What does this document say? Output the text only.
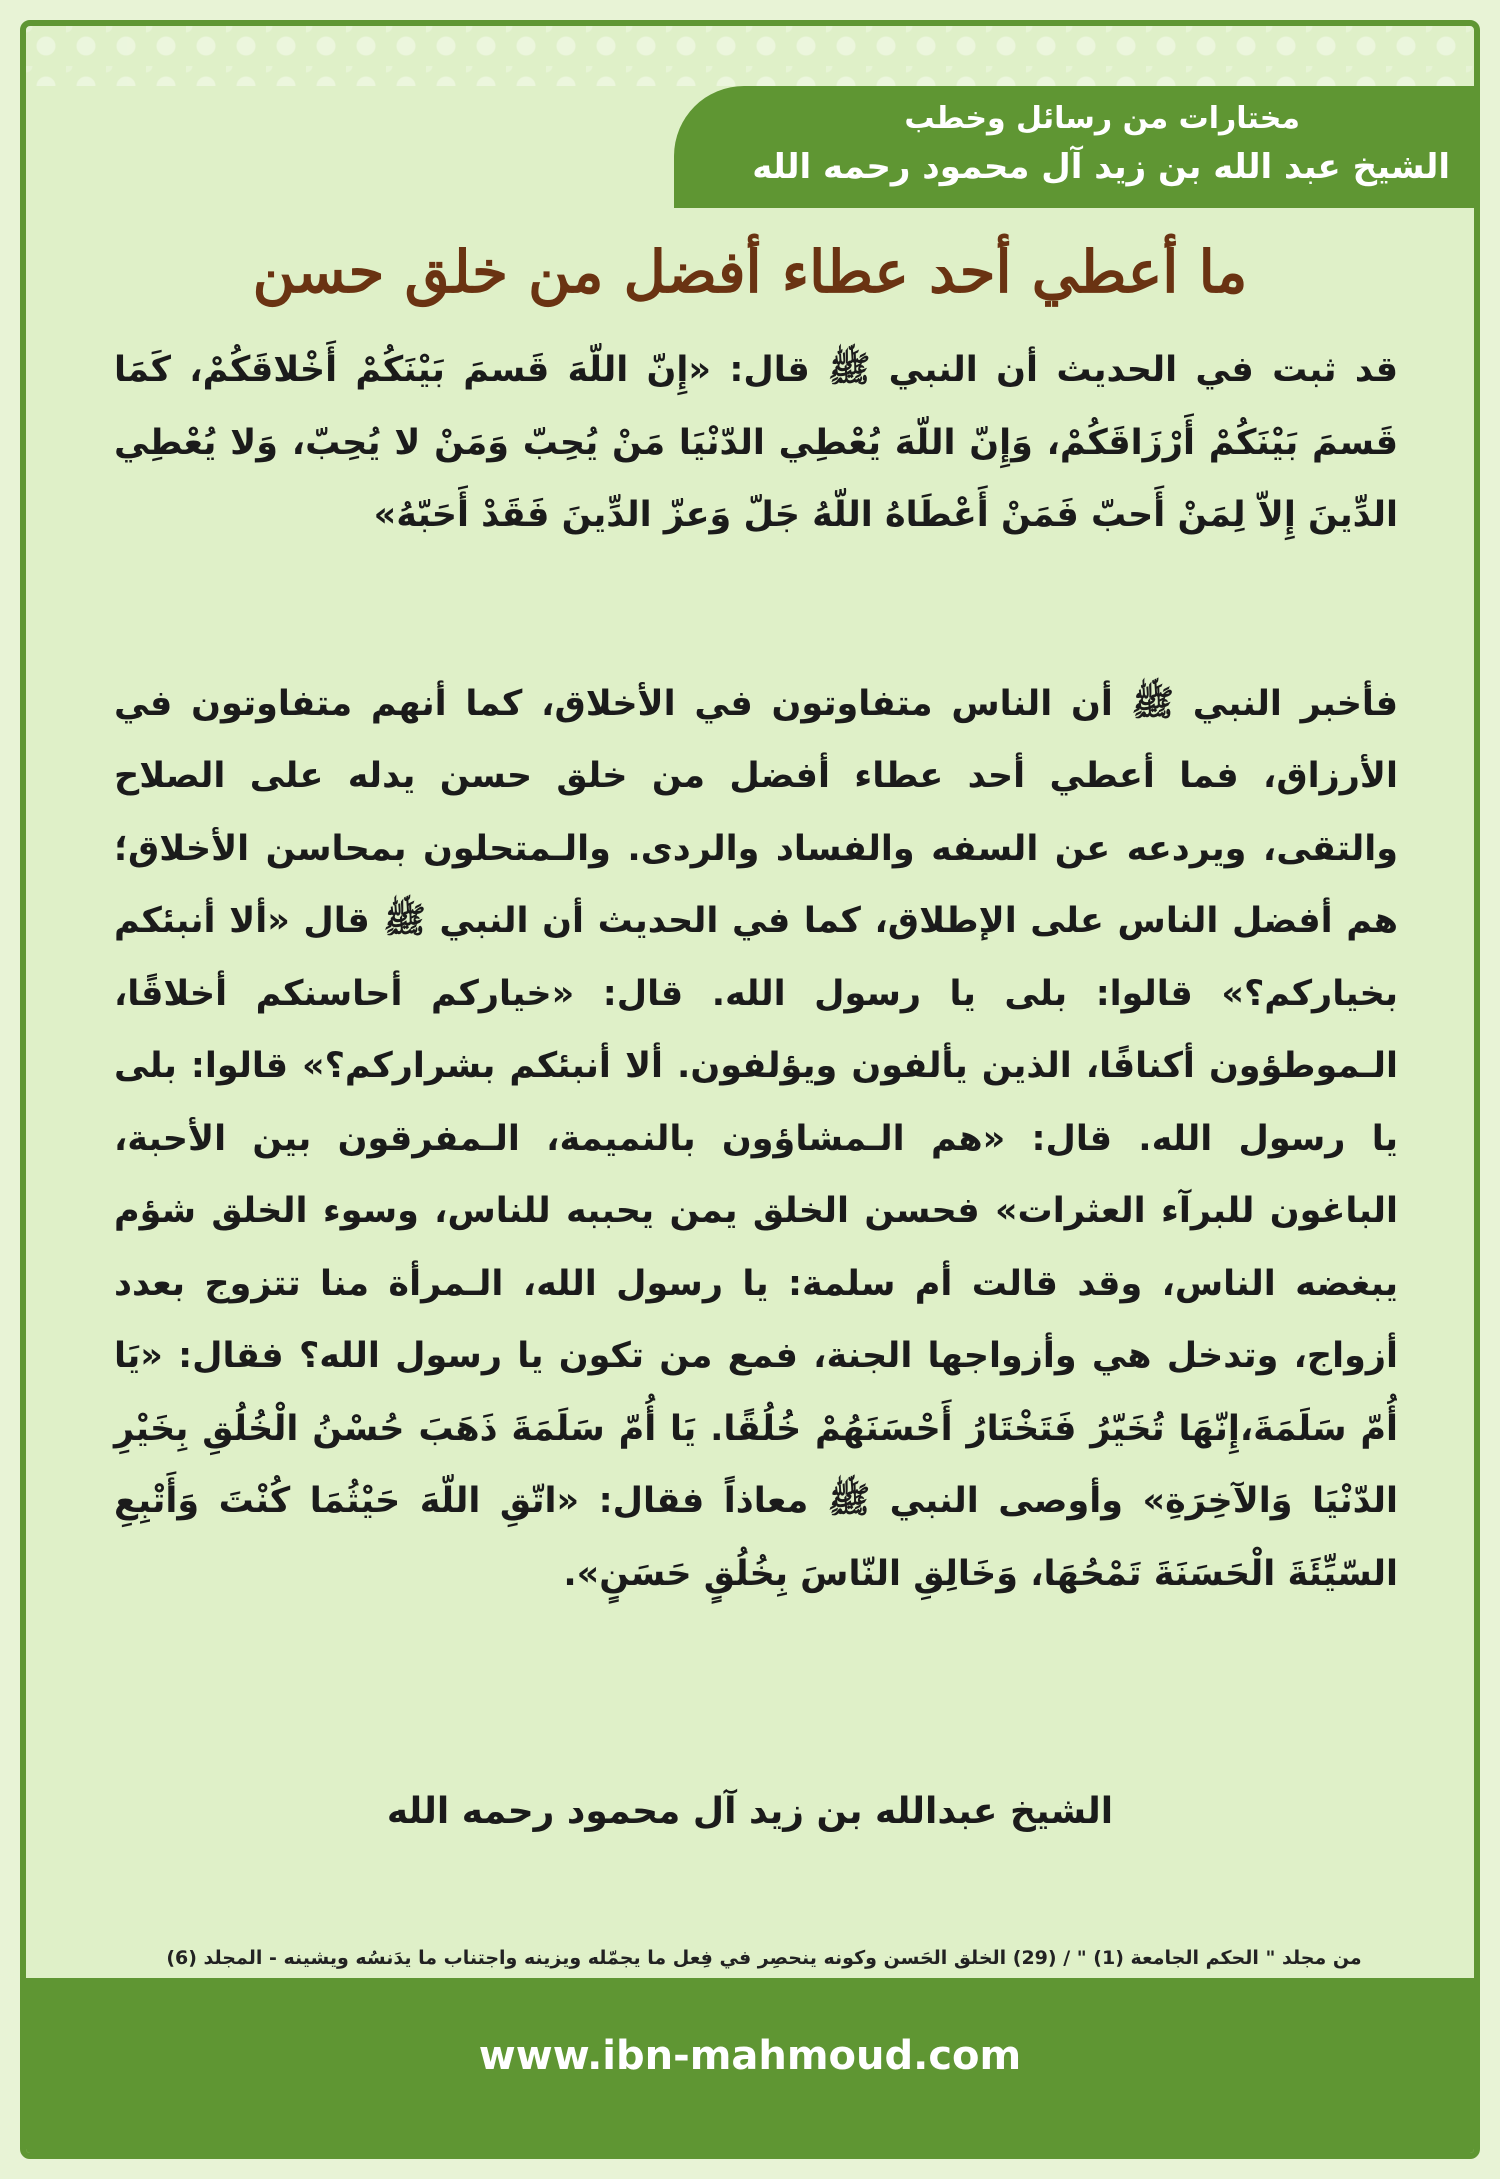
مختارات من رسائل وخطب
الشيخ عبد الله بن زيد آل محمود رحمه الله
ما أعطي أحد عطاء أفضل من خلق حسن

قد ثبت في الحديث أن النبي ﷺ قال: «إِنّ اللّهَ قَسمَ بَيْنَكُمْ أَخْلاقَكُمْ، كَمَا قَسمَ بَيْنَكُمْ أَرْزَاقَكُمْ، وَإِنّ اللّهَ يُعْطِي الدّنْيَا مَنْ يُحِبّ وَمَنْ لا يُحِبّ، وَلا يُعْطِي الدِّينَ إِلاّ لِمَنْ أَحبّ فَمَنْ أَعْطَاهُ اللّهُ جَلّ وَعزّ الدِّينَ فَقَدْ أَحَبّهُ»

فأخبر النبي ﷺ أن الناس متفاوتون في الأخلاق، كما أنهم متفاوتون في الأرزاق، فما أعطي أحد عطاء أفضل من خلق حسن يدله على الصلاح والتقى، ويردعه عن السفه والفساد والردى. والـمتحلون بمحاسن الأخلاق؛ هم أفضل الناس على الإطلاق، كما في الحديث أن النبي ﷺ قال «ألا أنبئكم بخياركم؟» قالوا: بلى يا رسول الله. قال: «خياركم أحاسنكم أخلاقًا، الـموطؤون أكنافًا، الذين يألفون ويؤلفون. ألا أنبئكم بشراركم؟» قالوا: بلى يا رسول الله. قال: «هم الـمشاؤون بالنميمة، الـمفرقون بين الأحبة، الباغون للبرآء العثرات» فحسن الخلق يمن يحببه للناس، وسوء الخلق شؤم يبغضه الناس، وقد قالت أم سلمة: يا رسول الله، الـمرأة منا تتزوج بعدد أزواج، وتدخل هي وأزواجها الجنة، فمع من تكون يا رسول الله؟ فقال: «يَا أُمّ سَلَمَةَ،إِنّهَا تُخَيّرُ فَتَخْتَارُ أَحْسَنَهُمْ خُلُقًا. يَا أُمّ سَلَمَةَ ذَهَبَ حُسْنُ الْخُلُقِ بِخَيْرِ الدّنْيَا وَالآخِرَةِ» وأوصى النبي ﷺ معاذاً فقال: «اتّقِ اللّهَ حَيْثُمَا كُنْتَ وَأَتْبِعِ السّيِّئَةَ الْحَسَنَةَ تَمْحُهَا، وَخَالِقِ النّاسَ بِخُلُقٍ حَسَنٍ».

الشيخ عبدالله بن زيد آل محمود رحمه الله
من مجلد " الحكم الجامعة (1) " / (29) الخلق الحَسن وكونه ينحصِر في فِعل ما يجمّله ويزينه واجتناب ما يدَنسُه ويشينه - المجلد (6)
www.ibn-mahmoud.com
